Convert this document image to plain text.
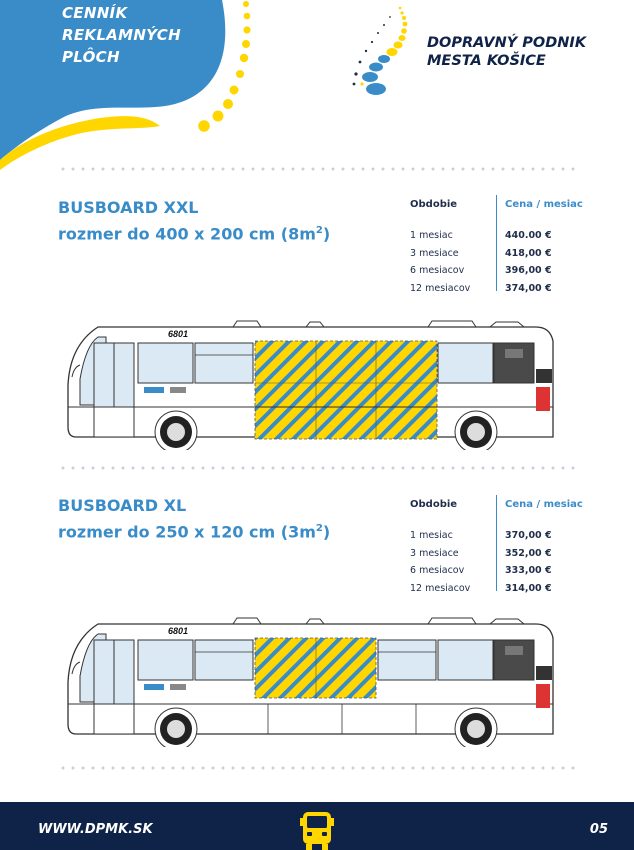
CENNÍK
REKLAMNÝCH
PLÔCH
DOPRAVNÝ PODNIK
MESTA KOŠICE
BUSBOARD XXL
rozmer do 400 x 200 cm $(8m^2)$
Obdobie	Cena / mesiac
1 mesiac	440.00 €
3 mesiace	418,00 €
6 mesiacov	396,00 €
12 mesiacov	374,00 €
6801
BUSBOARD XL
rozmer do 250 x 120 cm $(3m^2)$
Obdobie	Cena / mesiac
1 mesiac	370,00 €
3 mesiace	352,00 €
6 mesiacov	333,00 €
12 mesiacov	314,00 €
6801
WWW.DPMK.SK	05
